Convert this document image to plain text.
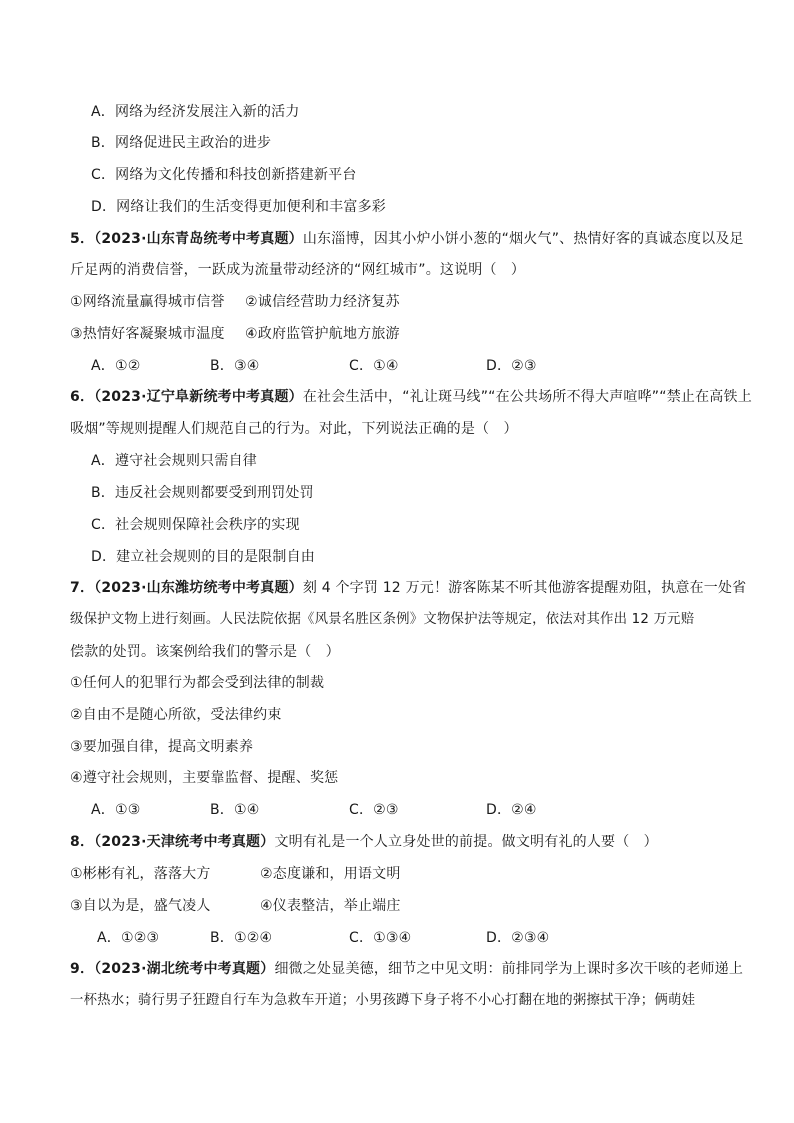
A．网络为经济发展注入新的活力
B．网络促进民主政治的进步
C．网络为文化传播和科技创新搭建新平台
D．网络让我们的生活变得更加便利和丰富多彩
5．（2023·山东青岛统考中考真题）山东淄博，因其小炉小饼小葱的“烟火气”、热情好客的真诚态度以及足
斤足两的消费信誉，一跃成为流量带动经济的“网红城市”。这说明（　）
①网络流量赢得城市信誉 ②诚信经营助力经济复苏
③热情好客凝聚城市温度 ④政府监管护航地方旅游
A．①②	B．③④	C．①④	D．②③
6．（2023·辽宁阜新统考中考真题）在社会生活中，“礼让斑马线”“在公共场所不得大声喧哗”“禁止在高铁上
吸烟”等规则提醒人们规范自己的行为。对此，下列说法正确的是（　）
A．遵守社会规则只需自律
B．违反社会规则都要受到刑罚处罚
C．社会规则保障社会秩序的实现
D．建立社会规则的目的是限制自由
7．（2023·山东潍坊统考中考真题）刻 4 个字罚 12 万元！游客陈某不听其他游客提醒劝阻，执意在一处省
级保护文物上进行刻画。人民法院依据《风景名胜区条例》文物保护法等规定，依法对其作出 12 万元赔
偿款的处罚。该案例给我们的警示是（　）
①任何人的犯罪行为都会受到法律的制裁
②自由不是随心所欲，受法律约束
③要加强自律，提高文明素养
④遵守社会规则，主要靠监督、提醒、奖惩
A．①③	B．①④	C．②③	D．②④
8．（2023·天津统考中考真题）文明有礼是一个人立身处世的前提。做文明有礼的人要（　）
①彬彬有礼，落落大方	②态度谦和，用语文明
③自以为是，盛气凌人	④仪表整洁，举止端庄
A．①②③	B．①②④	C．①③④	D．②③④
9．（2023·湖北统考中考真题）细微之处显美德，细节之中见文明：前排同学为上课时多次干咳的老师递上
一杯热水；骑行男子狂蹬自行车为急救车开道；小男孩蹲下身子将不小心打翻在地的粥擦拭干净；俩萌娃
